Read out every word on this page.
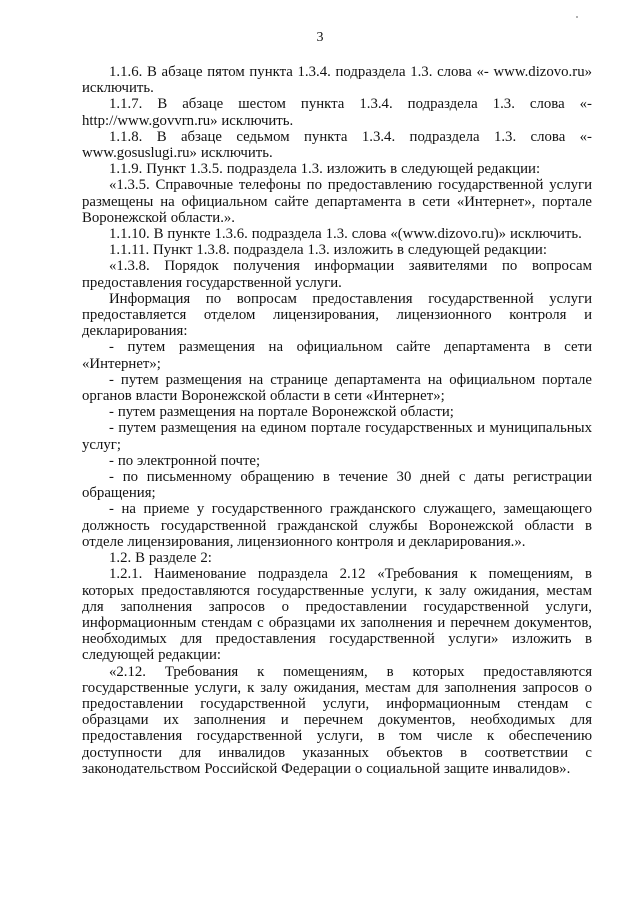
3

1.1.6. В абзаце пятом пункта 1.3.4. подраздела 1.3. слова «- www.dizovo.ru» исключить.

1.1.7. В абзаце шестом пункта 1.3.4. подраздела 1.3. слова «- http://www.govvrn.ru» исключить.

1.1.8. В абзаце седьмом пункта 1.3.4. подраздела 1.3. слова «- www.gosuslugi.ru» исключить.

1.1.9. Пункт 1.3.5. подраздела 1.3. изложить в следующей редакции:

«1.3.5. Справочные телефоны по предоставлению государственной услуги размещены на официальном сайте департамента в сети «Интернет», портале Воронежской области.».

1.1.10. В пункте 1.3.6. подраздела 1.3. слова «(www.dizovo.ru)» исключить.

1.1.11. Пункт 1.3.8. подраздела 1.3. изложить в следующей редакции:

«1.3.8. Порядок получения информации заявителями по вопросам предоставления государственной услуги.

Информация по вопросам предоставления государственной услуги предоставляется отделом лицензирования, лицензионного контроля и декларирования:

- путем размещения на официальном сайте департамента в сети «Интернет»;

- путем размещения на странице департамента на официальном портале органов власти Воронежской области в сети «Интернет»;

- путем размещения на портале Воронежской области;

- путем размещения на едином портале государственных и муниципальных услуг;

- по электронной почте;

- по письменному обращению в течение 30 дней с даты регистрации обращения;

- на приеме у государственного гражданского служащего, замещающего должность государственной гражданской службы Воронежской области в отделе лицензирования, лицензионного контроля и декларирования.».

1.2. В разделе 2:

1.2.1. Наименование подраздела 2.12 «Требования к помещениям, в которых предоставляются государственные услуги, к залу ожидания, местам для заполнения запросов о предоставлении государственной услуги, информационным стендам с образцами их заполнения и перечнем документов, необходимых для предоставления государственной услуги» изложить в следующей редакции:

«2.12. Требования к помещениям, в которых предоставляются государственные услуги, к залу ожидания, местам для заполнения запросов о предоставлении государственной услуги, информационным стендам с образцами их заполнения и перечнем документов, необходимых для предоставления государственной услуги, в том числе к обеспечению доступности для инвалидов указанных объектов в соответствии с законодательством Российской Федерации о социальной защите инвалидов».
